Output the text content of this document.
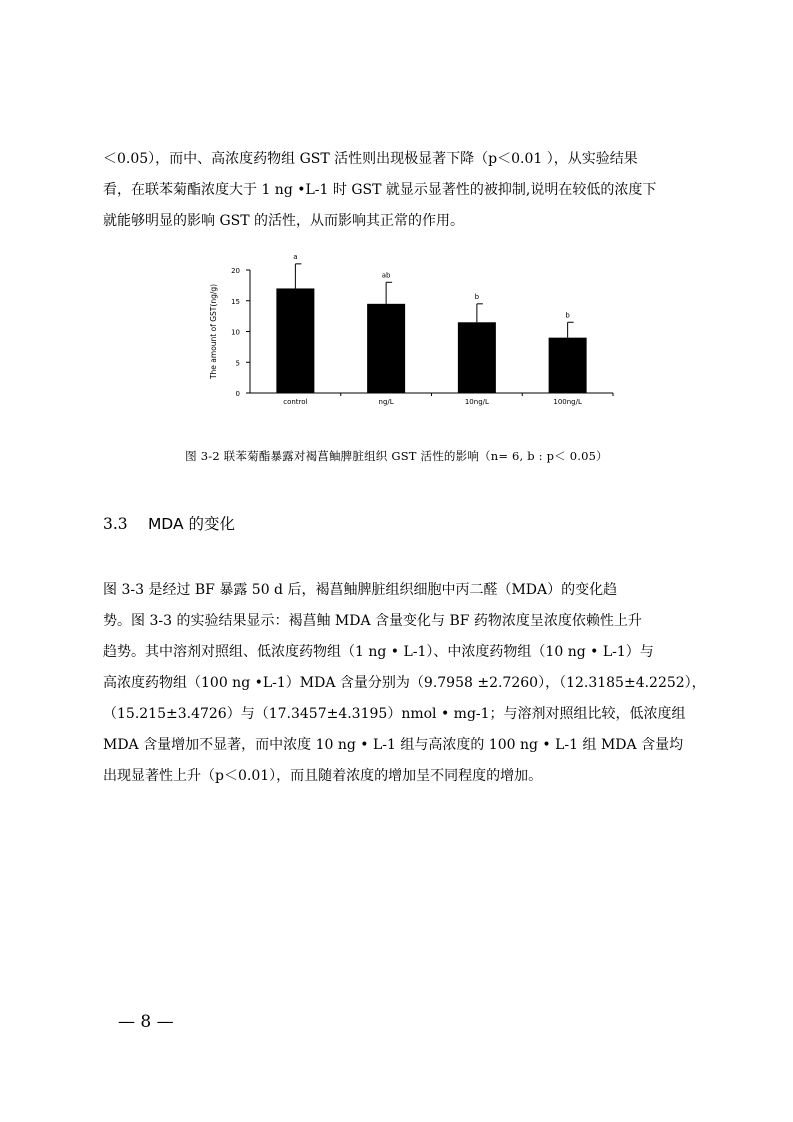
＜0.05），而中、高浓度药物组 GST 活性则出现极显著下降（p＜0.01 ），从实验结果
看，在联苯菊酯浓度大于 1 ng •L-1 时 GST 就显示显著性的被抑制,说明在较低的浓度下
就能够明显的影响 GST 的活性，从而影响其正常的作用。
0
5
10
15
20
a
control
ab
ng/L
b
10ng/L
b
100ng/L
The amount of GST(ng/g)
图 3-2 联苯菊酯暴露对褐菖鲉脾脏组织 GST 活性的影响（n= 6, b : p＜ 0.05）
3.3 MDA 的变化
图 3-3 是经过 BF 暴露 50 d 后，褐菖鲉脾脏组织细胞中丙二醛（MDA）的变化趋
势。图 3-3 的实验结果显示：褐菖鲉 MDA 含量变化与 BF 药物浓度呈浓度依赖性上升
趋势。其中溶剂对照组、低浓度药物组（1 ng • L-1）、中浓度药物组（10 ng • L-1）与
高浓度药物组（100 ng •L-1）MDA 含量分别为（9.7958 ±2.7260），（12.3185±4.2252），
（15.215±3.4726）与（17.3457±4.3195）nmol • mg-1；与溶剂对照组比较，低浓度组
MDA 含量增加不显著，而中浓度 10 ng • L-1 组与高浓度的 100 ng • L-1 组 MDA 含量均
出现显著性上升（p＜0.01），而且随着浓度的增加呈不同程度的增加。
— 8 —
